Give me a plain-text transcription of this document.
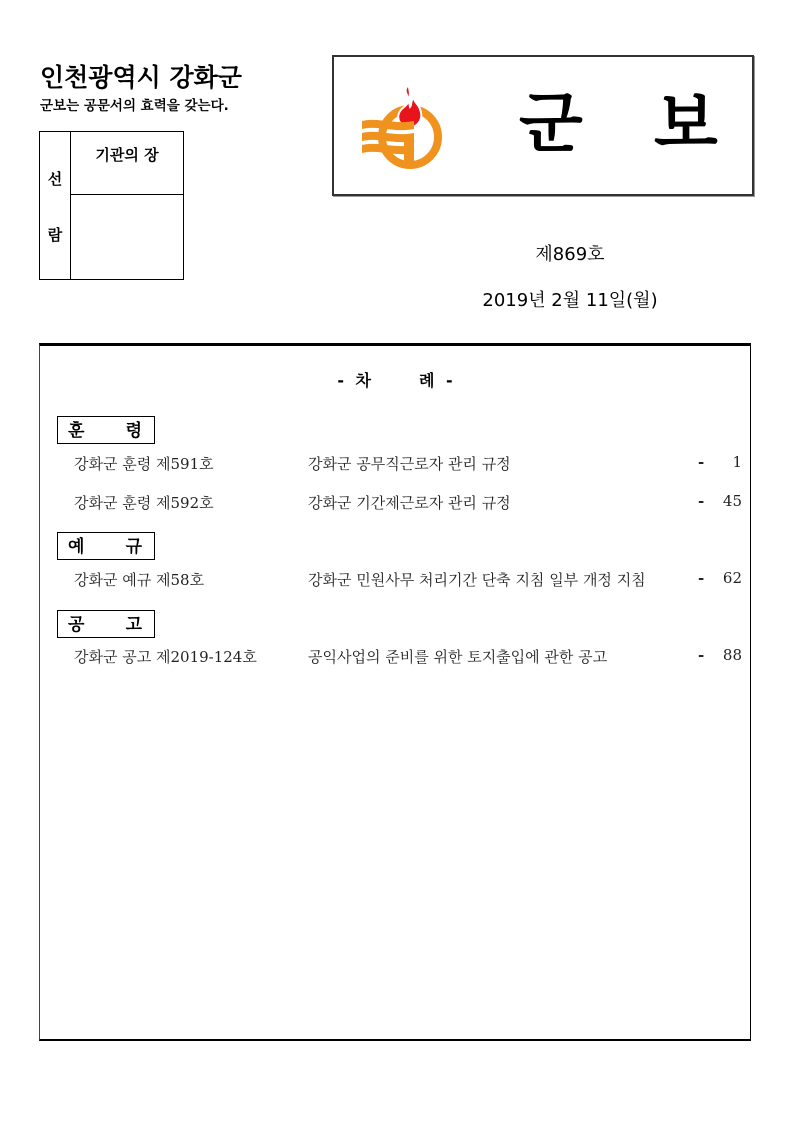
인천광역시 강화군
군보는 공문서의 효력을 갖는다.
선
람
기관의 장	군 보
제869호
2019년 2월 11일(월)
- 차	례 -
훈 령
강화군 훈령 제591호	강화군 공무직근로자 관리 규정	- 1
강화군 훈령 제592호	강화군 기간제근로자 관리 규정	- 45
예 규
강화군 예규 제58호	강화군 민원사무 처리기간 단축 지침 일부 개정 지침	- 62
공 고
강화군 공고 제2019-124호	공익사업의 준비를 위한 토지출입에 관한 공고	- 88
